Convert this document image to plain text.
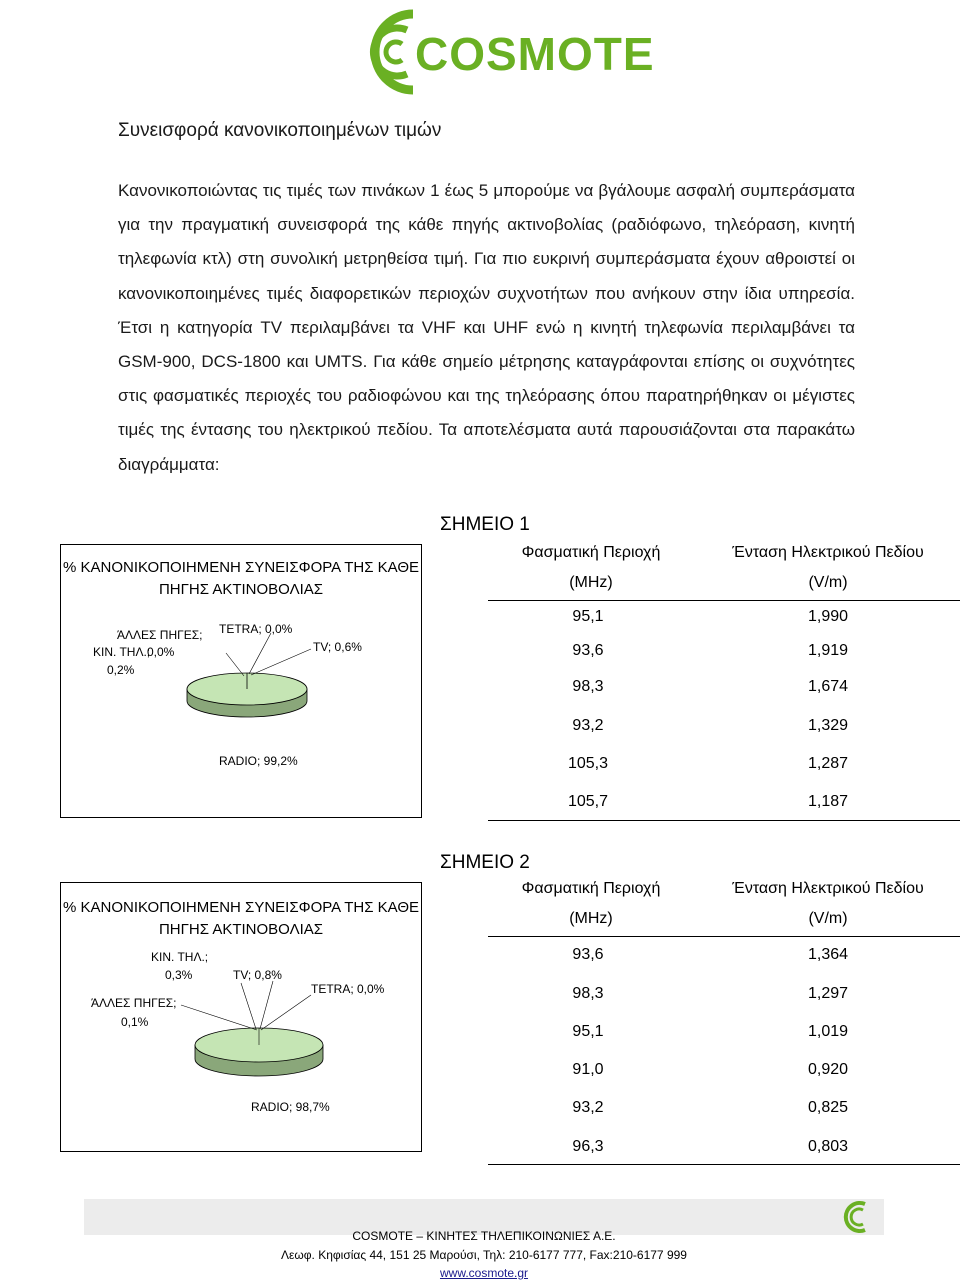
COSMOTE
Συνεισφορά κανονικοποιημένων τιμών
Κανονικοποιώντας τις τιμές των πινάκων 1 έως 5 μπορούμε να βγάλουμε ασφαλή συμπεράσματα για την πραγματική συνεισφορά της κάθε πηγής ακτινοβολίας (ραδιόφωνο, τηλεόραση, κινητή τηλεφωνία κτλ) στη συνολική μετρηθείσα τιμή. Για πιο ευκρινή συμπεράσματα έχουν αθροιστεί οι κανονικοποιημένες τιμές διαφορετικών περιοχών συχνοτήτων που ανήκουν στην ίδια υπηρεσία. Έτσι η κατηγορία TV περιλαμβάνει τα VHF και UHF ενώ η κινητή τηλεφωνία περιλαμβάνει τα GSM-900, DCS-1800 και UMTS. Για κάθε σημείο μέτρησης καταγράφονται επίσης οι συχνότητες στις φασματικές περιοχές του ραδιοφώνου και της τηλεόρασης όπου παρατηρήθηκαν οι μέγιστες τιμές της έντασης του ηλεκτρικού πεδίου. Τα αποτελέσματα αυτά παρουσιάζονται στα παρακάτω διαγράμματα:
ΣΗΜΕΙΟ 1
% ΚΑΝΟΝΙΚΟΠΟΙΗΜΕΝΗ ΣΥΝΕΙΣΦΟΡΑ ΤΗΣ ΚΑΘΕ ΠΗΓΗΣ ΑΚΤΙΝΟΒΟΛΙΑΣ
ΆΛΛΕΣ ΠΗΓΕΣ;
0,0%
ΚΙΝ. ΤΗΛ.;
0,2%
TETRA; 0,0%
TV; 0,6%
RADIO; 99,2%
Φασματική Περιοχή
(MHz)
Ένταση Ηλεκτρικού Πεδίου
(V/m)
95,1	1,990
93,6	1,919
98,3	1,674
93,2	1,329
105,3	1,287
105,7	1,187
ΣΗΜΕΙΟ 2
% ΚΑΝΟΝΙΚΟΠΟΙΗΜΕΝΗ ΣΥΝΕΙΣΦΟΡΑ ΤΗΣ ΚΑΘΕ ΠΗΓΗΣ ΑΚΤΙΝΟΒΟΛΙΑΣ
ΚΙΝ. ΤΗΛ.;
0,3%	TV; 0,8%
TETRA; 0,0%
ΆΛΛΕΣ ΠΗΓΕΣ;
0,1%
RADIO; 98,7%
Φασματική Περιοχή
(MHz)
Ένταση Ηλεκτρικού Πεδίου
(V/m)
93,6	1,364
98,3	1,297
95,1	1,019
91,0	0,920
93,2	0,825
96,3	0,803
COSMOTE – ΚΙΝΗΤΕΣ ΤΗΛΕΠΙΚΟΙΝΩΝΙΕΣ Α.Ε.
Λεωφ. Κηφισίας 44, 151 25 Μαρούσι, Τηλ: 210-6177 777, Fax:210-6177 999
www.cosmote.gr
